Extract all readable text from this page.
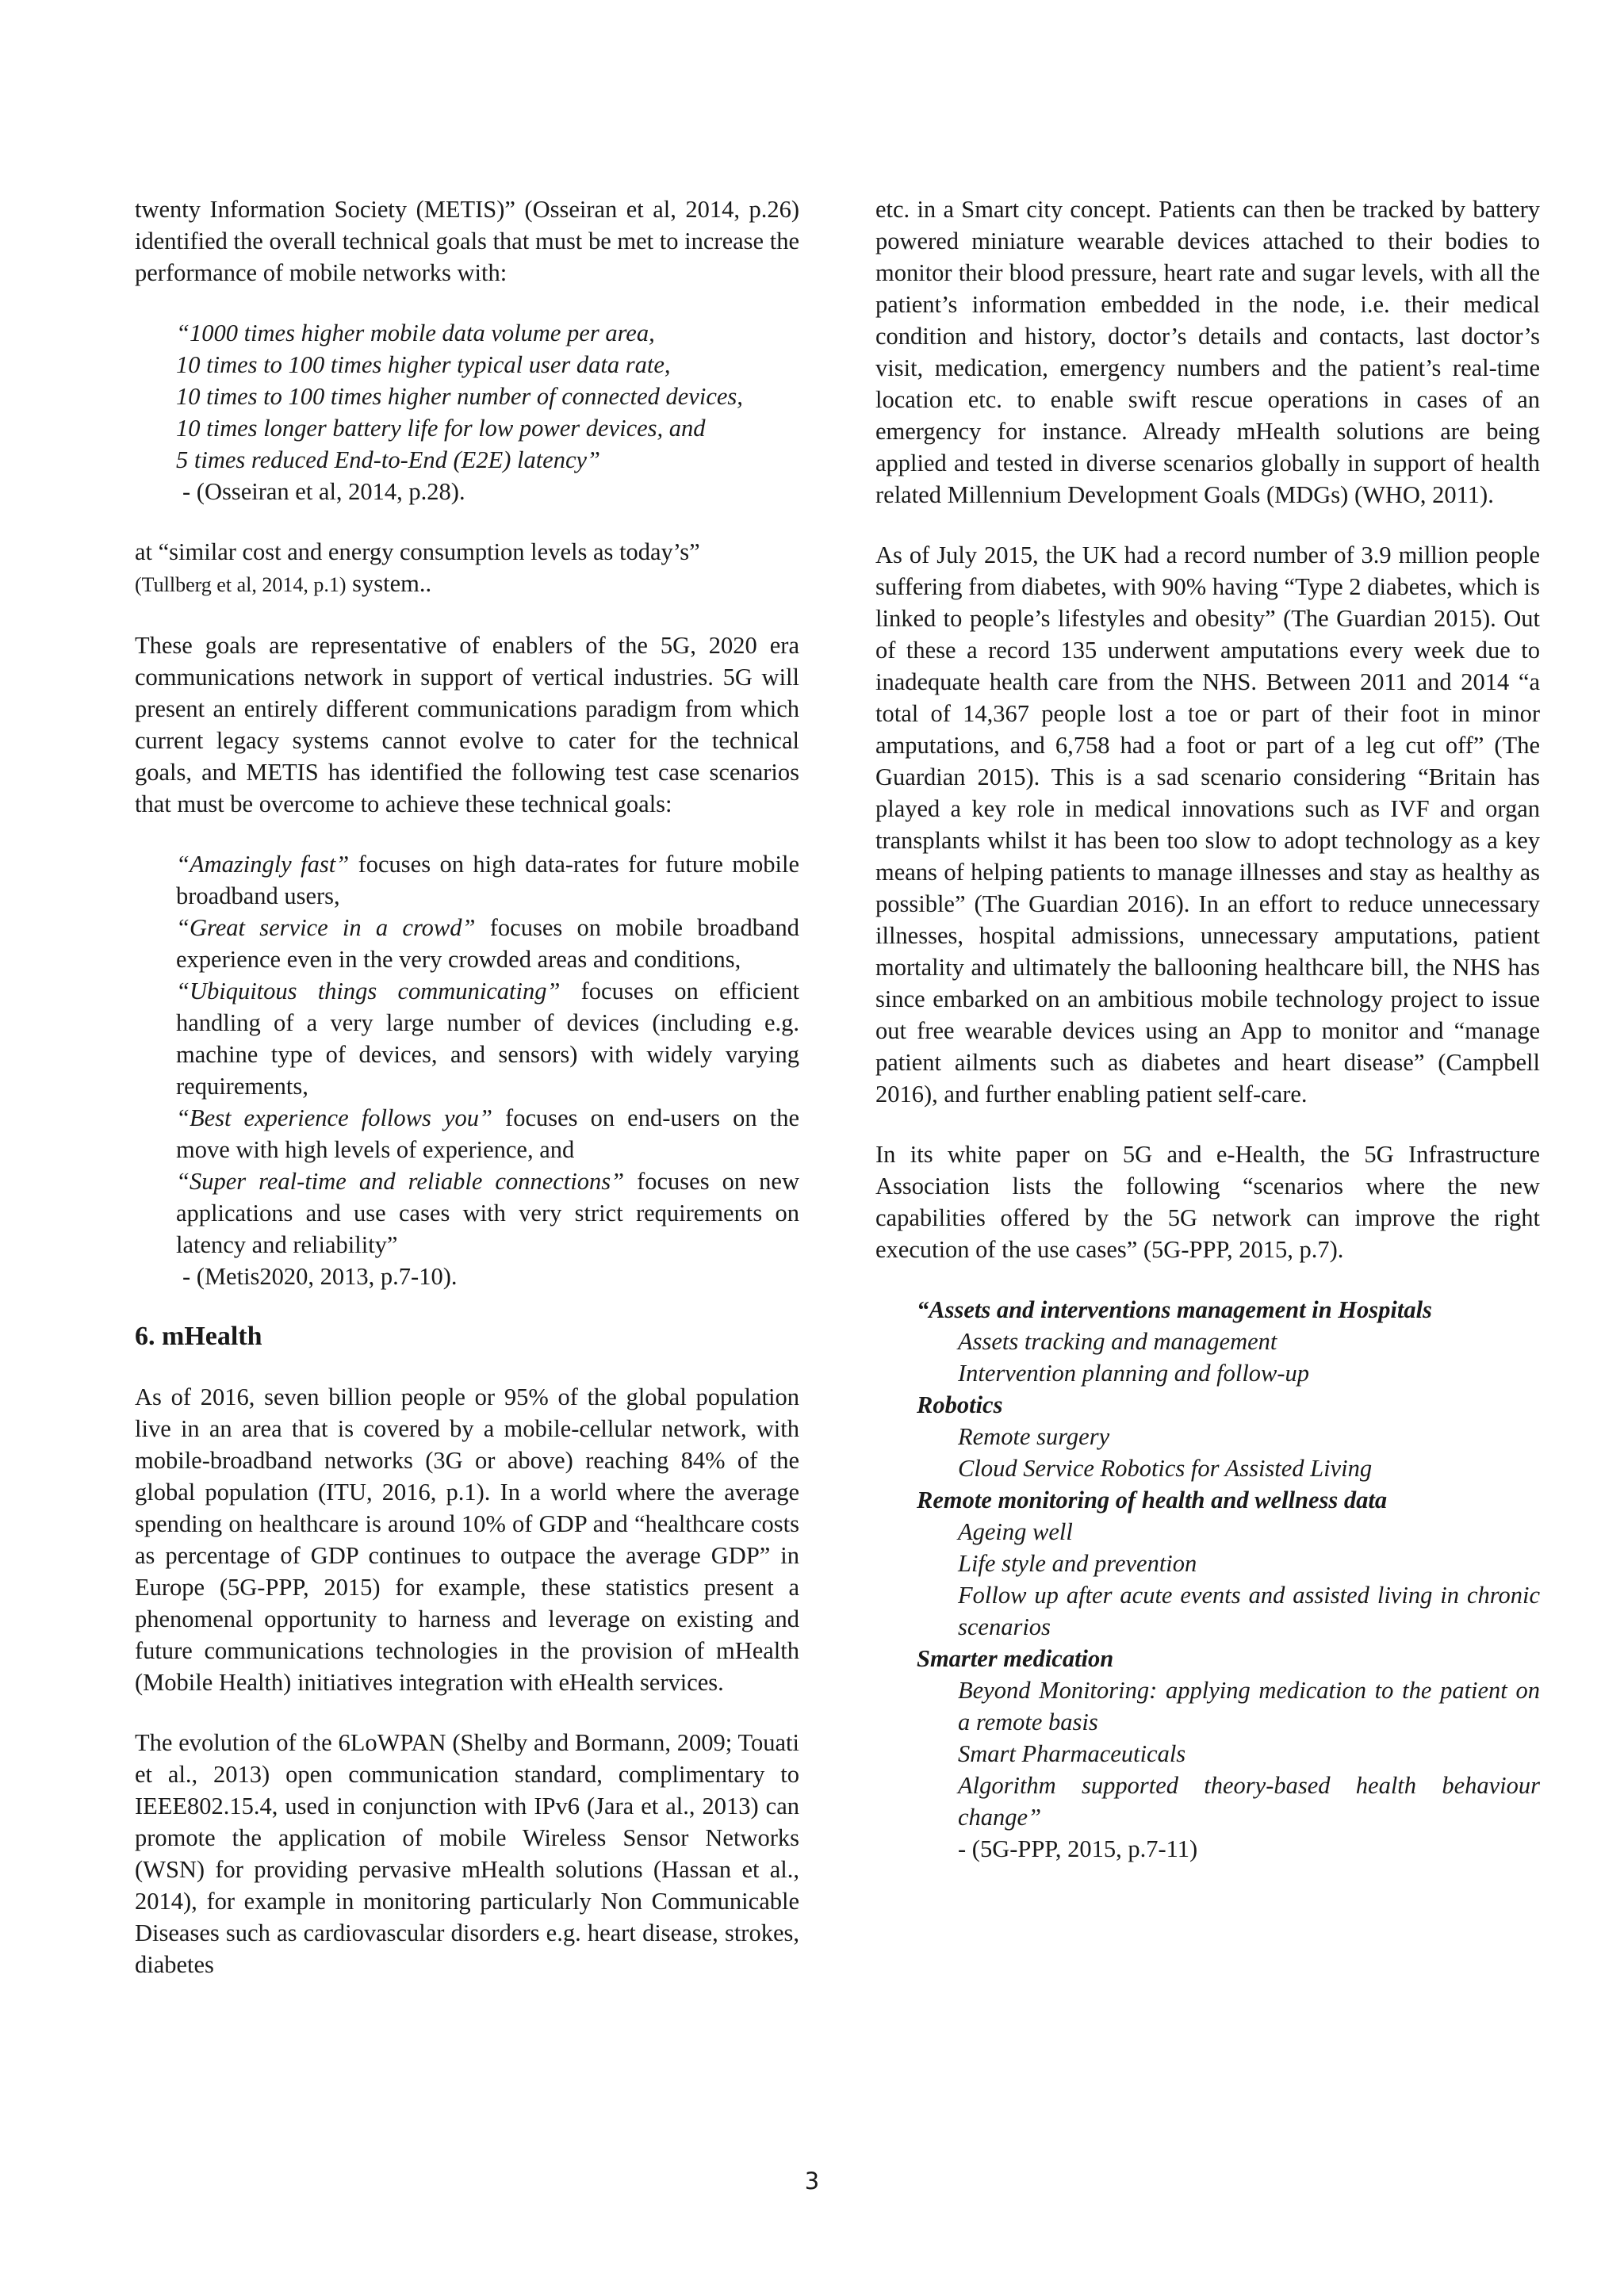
twenty Information Society (METIS)” (Osseiran et al, 2014, p.26) identified the overall technical goals that must be met to increase the performance of mobile networks with:

“1000 times higher mobile data volume per area,
10 times to 100 times higher typical user data rate,
10 times to 100 times higher number of connected devices,
10 times longer battery life for low power devices, and
5 times reduced End-to-End (E2E) latency”
- (Osseiran et al, 2014, p.28).

at “similar cost and energy consumption levels as today’s”
(Tullberg et al, 2014, p.1) system..

These goals are representative of enablers of the 5G, 2020 era communications network in support of vertical industries. 5G will present an entirely different communications paradigm from which current legacy systems cannot evolve to cater for the technical goals, and METIS has identified the following test case scenarios that must be overcome to achieve these technical goals:

“Amazingly fast” focuses on high data-rates for future mobile broadband users,

“Great service in a crowd” focuses on mobile broadband experience even in the very crowded areas and conditions,

“Ubiquitous things communicating” focuses on efficient handling of a very large number of devices (including e.g. machine type of devices, and sensors) with widely varying requirements,

“Best experience follows you” focuses on end-users on the move with high levels of experience, and

“Super real-time and reliable connections” focuses on new applications and use cases with very strict requirements on latency and reliability”

- (Metis2020, 2013, p.7-10).

6. mHealth

As of 2016, seven billion people or 95% of the global population live in an area that is covered by a mobile-cellular network, with mobile-broadband networks (3G or above) reaching 84% of the global population (ITU, 2016, p.1). In a world where the average spending on healthcare is around 10% of GDP and “healthcare costs as percentage of GDP continues to outpace the average GDP” in Europe (5G-PPP, 2015) for example, these statistics present a phenomenal opportunity to harness and leverage on existing and future communications technologies in the provision of mHealth (Mobile Health) initiatives integration with eHealth services.

The evolution of the 6LoWPAN (Shelby and Bormann, 2009; Touati et al., 2013) open communication standard, complimentary to IEEE802.15.4, used in conjunction with IPv6 (Jara et al., 2013) can promote the application of mobile Wireless Sensor Networks (WSN) for providing pervasive mHealth solutions (Hassan et al., 2014), for example in monitoring particularly Non Communicable Diseases such as cardiovascular disorders e.g. heart disease, strokes, diabetes

etc. in a Smart city concept. Patients can then be tracked by battery powered miniature wearable devices attached to their bodies to monitor their blood pressure, heart rate and sugar levels, with all the patient’s information embedded in the node, i.e. their medical condition and history, doctor’s details and contacts, last doctor’s visit, medication, emergency numbers and the patient’s real-time location etc. to enable swift rescue operations in cases of an emergency for instance. Already mHealth solutions are being applied and tested in diverse scenarios globally in support of health related Millennium Development Goals (MDGs) (WHO, 2011).

As of July 2015, the UK had a record number of 3.9 million people suffering from diabetes, with 90% having “Type 2 diabetes, which is linked to people’s lifestyles and obesity” (The Guardian 2015). Out of these a record 135 underwent amputations every week due to inadequate health care from the NHS. Between 2011 and 2014 “a total of 14,367 people lost a toe or part of their foot in minor amputations, and 6,758 had a foot or part of a leg cut off” (The Guardian 2015). This is a sad scenario considering “Britain has played a key role in medical innovations such as IVF and organ transplants whilst it has been too slow to adopt technology as a key means of helping patients to manage illnesses and stay as healthy as possible” (The Guardian 2016). In an effort to reduce unnecessary illnesses, hospital admissions, unnecessary amputations, patient mortality and ultimately the ballooning healthcare bill, the NHS has since embarked on an ambitious mobile technology project to issue out free wearable devices using an App to monitor and “manage patient ailments such as diabetes and heart disease” (Campbell 2016), and further enabling patient self-care.

In its white paper on 5G and e-Health, the 5G Infrastructure Association lists the following “scenarios where the new capabilities offered by the 5G network can improve the right execution of the use cases” (5G-PPP, 2015, p.7).

“Assets and interventions management in Hospitals
Assets tracking and management
Intervention planning and follow-up
Robotics
Remote surgery
Cloud Service Robotics for Assisted Living
Remote monitoring of health and wellness data
Ageing well
Life style and prevention
Follow up after acute events and assisted living in chronic scenarios
Smarter medication
Beyond Monitoring: applying medication to the patient on a remote basis
Smart Pharmaceuticals
Algorithm supported theory-based health behaviour change”
- (5G-PPP, 2015, p.7-11)
3
